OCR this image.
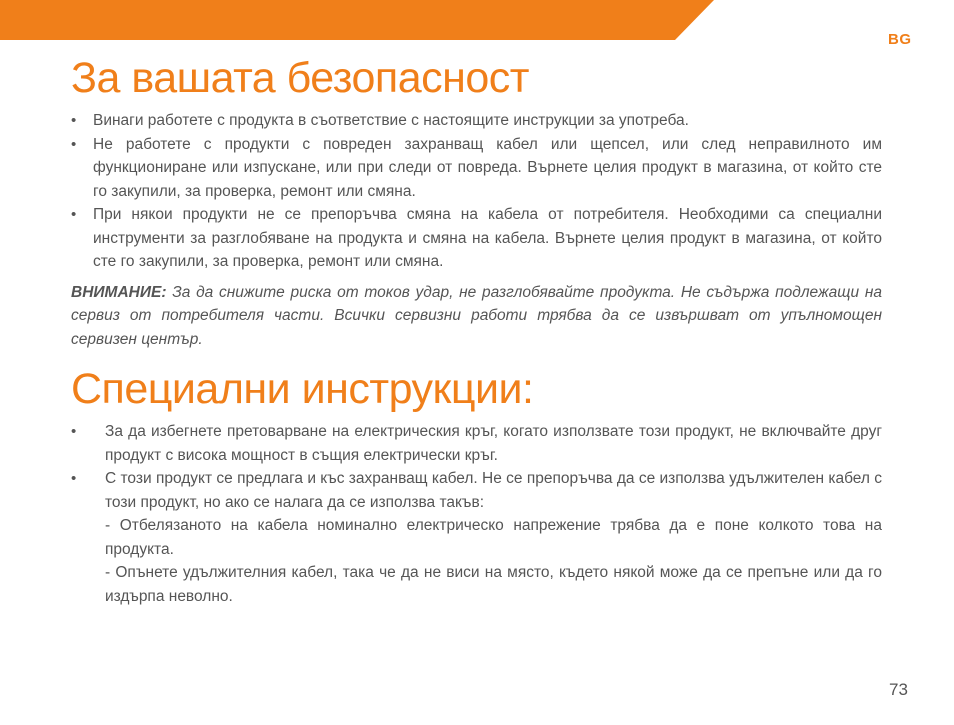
BG
За вашата безопасност
• Винаги работете с продукта в съответствие с настоящите инструкции за употреба.
• Не работете с продукти с повреден захранващ кабел или щепсел, или след неправилното им функциониране или изпускане, или при следи от повреда. Върнете целия продукт в магазина, от който сте го закупили, за проверка, ремонт или смяна.
• При някои продукти не се препоръчва смяна на кабела от потребителя. Необходими са специални инструменти за разглобяване на продукта и смяна на кабела. Върнете целия продукт в магазина, от който сте го закупили, за проверка, ремонт или смяна.

ВНИМАНИЕ: За да снижите риска от токов удар, не разглобявайте продукта. Не съдържа подлежащи на сервиз от потребителя части. Всички сервизни работи трябва да се извършват от упълномощен сервизен център.

Специални инструкции:
• За да избегнете претоварване на електрическия кръг, когато използвате този продукт, не включвайте друг продукт с висока мощност в същия електрически кръг.
• С този продукт се предлага и къс захранващ кабел. Не се препоръчва да се използва удължителен кабел с този продукт, но ако се налага да се използва такъв:
- Отбелязаното на кабела номинално електрическо напрежение трябва да е поне колкото това на продукта.
- Опънете удължителния кабел, така че да не виси на място, където някой може да се препъне или да го издърпа неволно.
73
